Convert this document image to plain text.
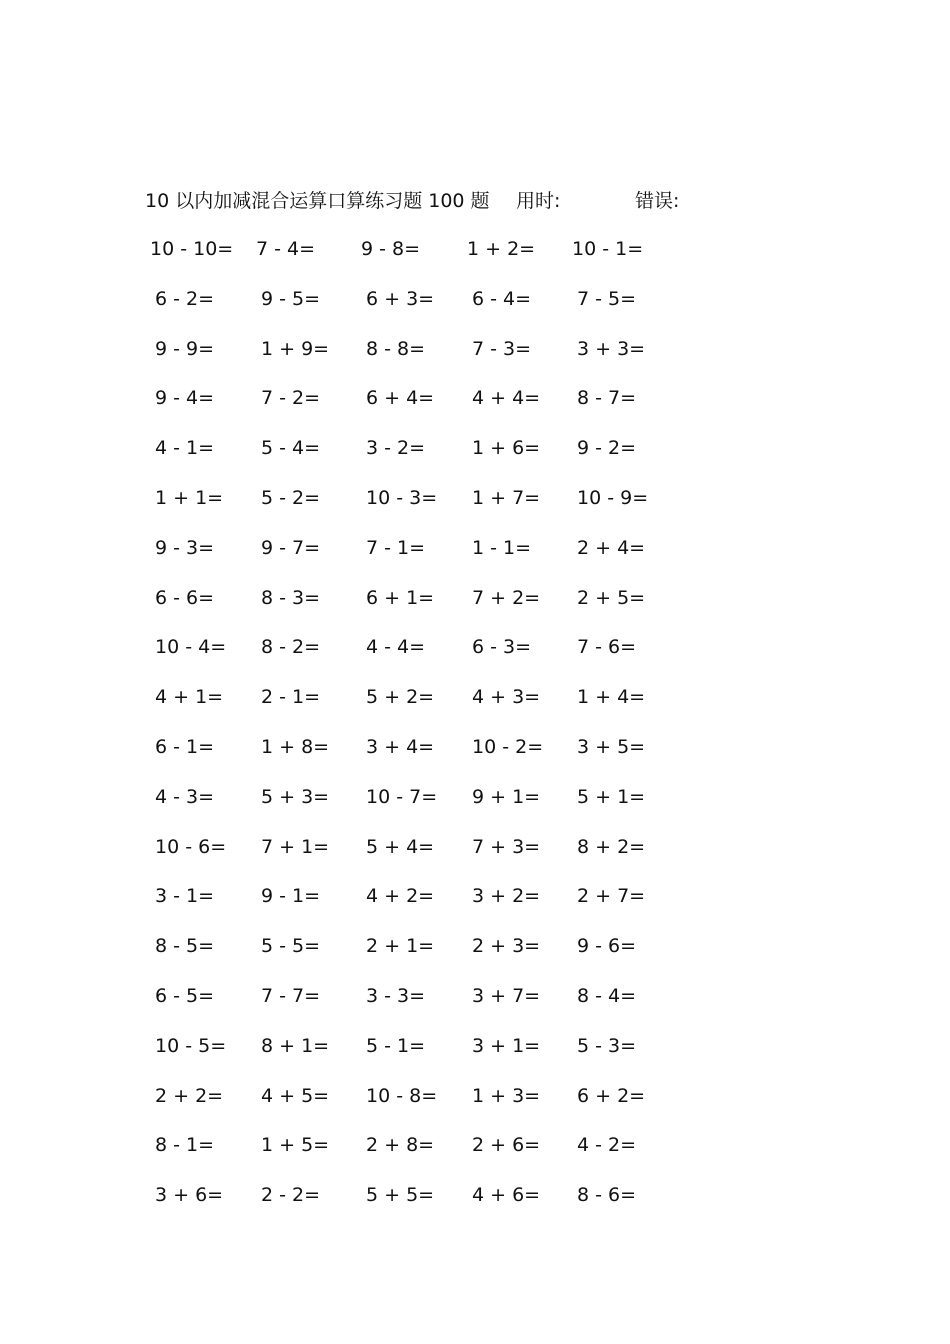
10 以内加减混合运算口算练习题 100 题 用时:	错误:
10 - 10= 7 - 4= 9 - 8= 1 + 2= 10 - 1=
6 - 2= 9 - 5= 6 + 3= 6 - 4= 7 - 5=
9 - 9= 1 + 9= 8 - 8= 7 - 3= 3 + 3=
9 - 4= 7 - 2= 6 + 4= 4 + 4= 8 - 7=
4 - 1= 5 - 4= 3 - 2= 1 + 6= 9 - 2=
1 + 1= 5 - 2= 10 - 3= 1 + 7= 10 - 9=
9 - 3= 9 - 7= 7 - 1= 1 - 1= 2 + 4=
6 - 6= 8 - 3= 6 + 1= 7 + 2= 2 + 5=
10 - 4= 8 - 2= 4 - 4= 6 - 3= 7 - 6=
4 + 1= 2 - 1= 5 + 2= 4 + 3= 1 + 4=
6 - 1= 1 + 8= 3 + 4= 10 - 2= 3 + 5=
4 - 3= 5 + 3= 10 - 7= 9 + 1= 5 + 1=
10 - 6= 7 + 1= 5 + 4= 7 + 3= 8 + 2=
3 - 1= 9 - 1= 4 + 2= 3 + 2= 2 + 7=
8 - 5= 5 - 5= 2 + 1= 2 + 3= 9 - 6=
6 - 5= 7 - 7= 3 - 3= 3 + 7= 8 - 4=
10 - 5= 8 + 1= 5 - 1= 3 + 1= 5 - 3=
2 + 2= 4 + 5= 10 - 8= 1 + 3= 6 + 2=
8 - 1= 1 + 5= 2 + 8= 2 + 6= 4 - 2=
3 + 6= 2 - 2= 5 + 5= 4 + 6= 8 - 6=
